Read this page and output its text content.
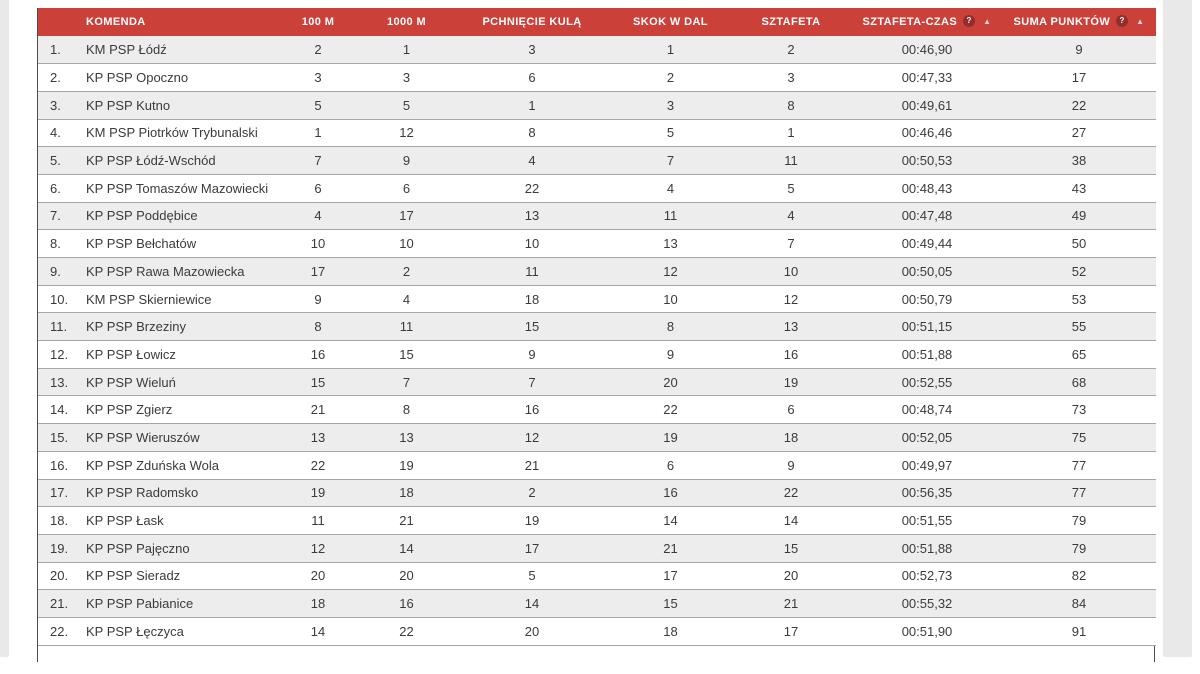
	KOMENDA	100 M	1000 M	PCHNIĘCIE KULĄ	SKOK W DAL	SZTAFETA	SZTAFETA-CZAS ? ▲	SUMA PUNKTÓW ? ▲
1.	KM PSP Łódź	2	1	3	1	2	00:46,90	9
2.	KP PSP Opoczno	3	3	6	2	3	00:47,33	17
3.	KP PSP Kutno	5	5	1	3	8	00:49,61	22
4.	KM PSP Piotrków Trybunalski	1	12	8	5	1	00:46,46	27
5.	KP PSP Łódź-Wschód	7	9	4	7	11	00:50,53	38
6.	KP PSP Tomaszów Mazowiecki	6	6	22	4	5	00:48,43	43
7.	KP PSP Poddębice	4	17	13	11	4	00:47,48	49
8.	KP PSP Bełchatów	10	10	10	13	7	00:49,44	50
9.	KP PSP Rawa Mazowiecka	17	2	11	12	10	00:50,05	52
10.	KM PSP Skierniewice	9	4	18	10	12	00:50,79	53
11.	KP PSP Brzeziny	8	11	15	8	13	00:51,15	55
12.	KP PSP Łowicz	16	15	9	9	16	00:51,88	65
13.	KP PSP Wieluń	15	7	7	20	19	00:52,55	68
14.	KP PSP Zgierz	21	8	16	22	6	00:48,74	73
15.	KP PSP Wieruszów	13	13	12	19	18	00:52,05	75
16.	KP PSP Zduńska Wola	22	19	21	6	9	00:49,97	77
17.	KP PSP Radomsko	19	18	2	16	22	00:56,35	77
18.	KP PSP Łask	11	21	19	14	14	00:51,55	79
19.	KP PSP Pajęczno	12	14	17	21	15	00:51,88	79
20.	KP PSP Sieradz	20	20	5	17	20	00:52,73	82
21.	KP PSP Pabianice	18	16	14	15	21	00:55,32	84
22.	KP PSP Łęczyca	14	22	20	18	17	00:51,90	91
